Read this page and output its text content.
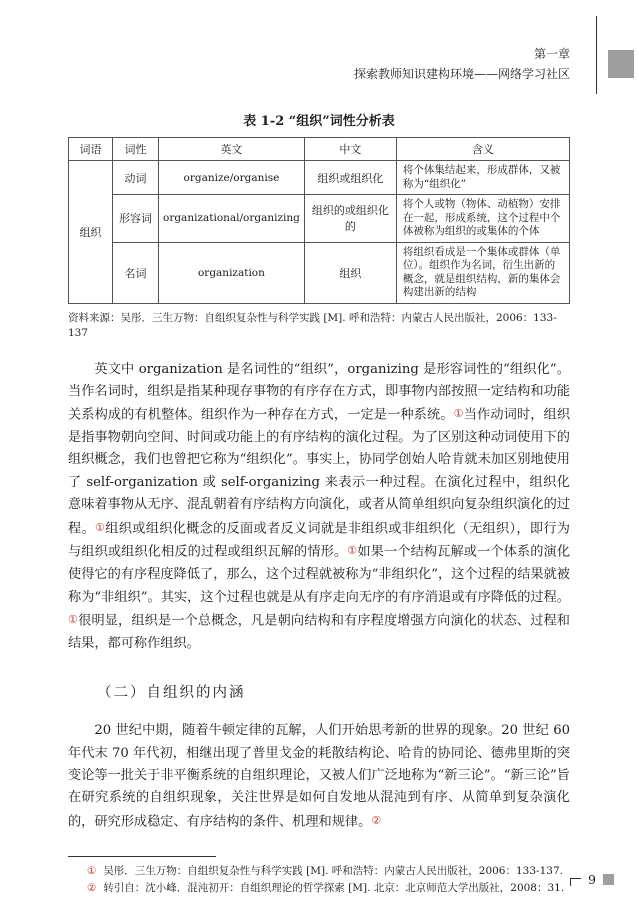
第一章
探索教师知识建构环境——网络学习社区
表 1-2 “组织”词性分析表
词语	词性	英文	中文	含义
组织	动词	organize/organise	组织或组织化	将个体集结起来，形成群体，又被称为“组织化”
	形容词	organizational/organizing	组织的或组织化的	将个人或物（物体、动植物）安排在一起，形成系统，这个过程中个体被称为组织的或集体的个体
	名词	organization	组织	将组织看成是一个集体或群体（单位）。组织作为名词，衍生出新的概念，就是组织结构，新的集体会构建出新的结构
资料来源：吴彤．三生万物：自组织复杂性与科学实践 [M]. 呼和浩特：内蒙古人民出版社，2006：133-137

英文中 organization 是名词性的“组织”，organizing 是形容词性的“组织化”。当作名词时，组织是指某种现存事物的有序存在方式，即事物内部按照一定结构和功能关系构成的有机整体。组织作为一种存在方式，一定是一种系统。①当作动词时，组织是指事物朝向空间、时间或功能上的有序结构的演化过程。为了区别这种动词使用下的组织概念，我们也曾把它称为“组织化”。事实上，协同学创始人哈肯就未加区别地使用了 self-organization 或 self-organizing 来表示一种过程。在演化过程中，组织化意味着事物从无序、混乱朝着有序结构方向演化，或者从简单组织向复杂组织演化的过程。①组织或组织化概念的反面或者反义词就是非组织或非组织化（无组织），即行为与组织或组织化相反的过程或组织瓦解的情形。①如果一个结构瓦解或一个体系的演化使得它的有序程度降低了，那么，这个过程就被称为“非组织化”，这个过程的结果就被称为“非组织”。其实，这个过程也就是从有序走向无序的有序消退或有序降低的过程。①很明显，组织是一个总概念，凡是朝向结构和有序程度增强方向演化的状态、过程和结果，都可称作组织。

（二）自组织的内涵

20 世纪中期，随着牛顿定律的瓦解，人们开始思考新的世界的现象。20 世纪 60 年代末 70 年代初，相继出现了普里戈金的耗散结构论、哈肯的协同论、德弗里斯的突变论等一批关于非平衡系统的自组织理论，又被人们广泛地称为“新三论”。“新三论”旨在研究系统的自组织现象，关注世界是如何自发地从混沌到有序、从简单到复杂演化的，研究形成稳定、有序结构的条件、机理和规律。②

① 吴彤．三生万物：自组织复杂性与科学实践 [M]. 呼和浩特：内蒙古人民出版社，2006：133-137.
② 转引自：沈小峰．混沌初开：自组织理论的哲学探索 [M]. 北京：北京师范大学出版社，2008：31.
9
